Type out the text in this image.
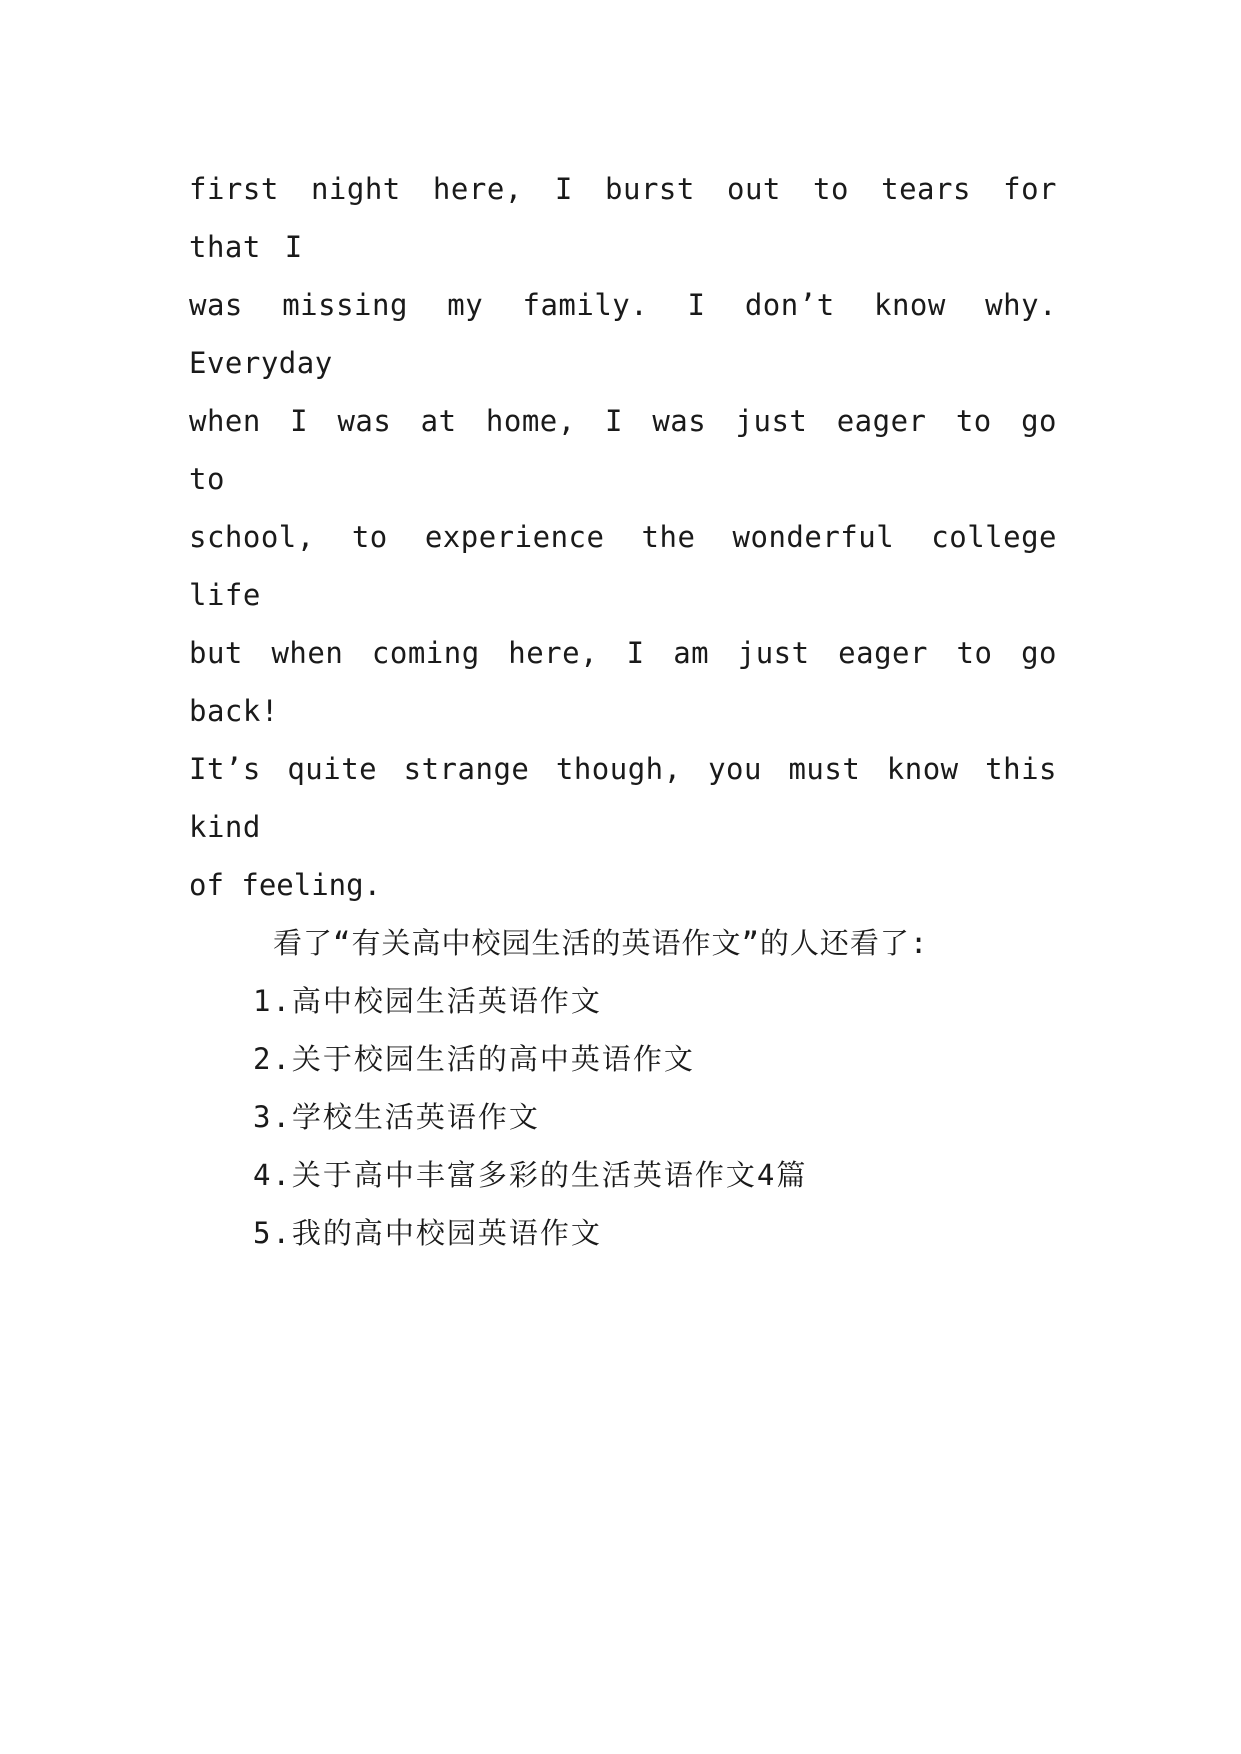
first night here, I burst out to tears for that I

was missing my family. I don’t know why. Everyday

when I was at home, I was just eager to go to

school, to experience the wonderful college life

but when coming here, I am just eager to go back!

It’s quite strange though, you must know this kind

of feeling.

看了“有关高中校园生活的英语作文”的人还看了:

1.高中校园生活英语作文
2.关于校园生活的高中英语作文
3.学校生活英语作文
4.关于高中丰富多彩的生活英语作文4篇
5.我的高中校园英语作文
